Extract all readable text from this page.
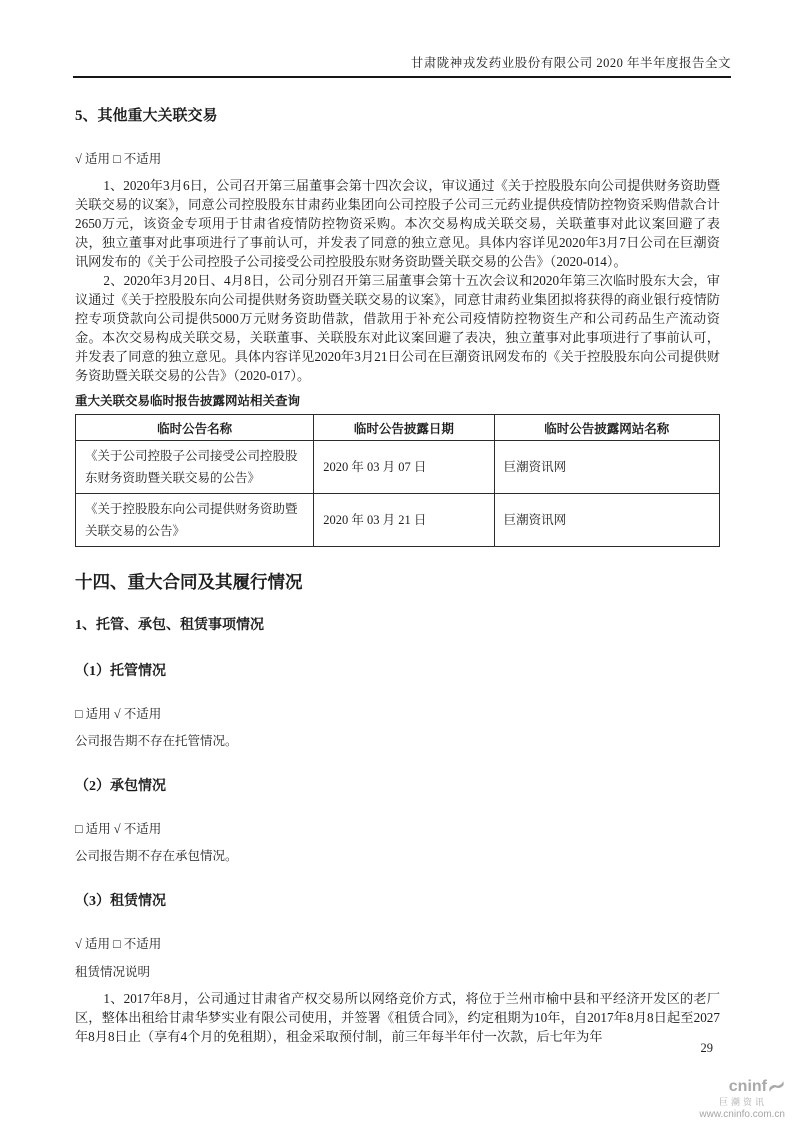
甘肃陇神戎发药业股份有限公司 2020 年半年度报告全文
5、其他重大关联交易
√ 适用 □ 不适用

1、2020年3月6日，公司召开第三届董事会第十四次会议，审议通过《关于控股股东向公司提供财务资助暨关联交易的议案》，同意公司控股股东甘肃药业集团向公司控股子公司三元药业提供疫情防控物资采购借款合计2650万元，该资金专项用于甘肃省疫情防控物资采购。本次交易构成关联交易，关联董事对此议案回避了表决，独立董事对此事项进行了事前认可，并发表了同意的独立意见。具体内容详见2020年3月7日公司在巨潮资讯网发布的《关于公司控股子公司接受公司控股股东财务资助暨关联交易的公告》（2020-014）。

2、2020年3月20日、4月8日，公司分别召开第三届董事会第十五次会议和2020年第三次临时股东大会，审议通过《关于控股股东向公司提供财务资助暨关联交易的议案》，同意甘肃药业集团拟将获得的商业银行疫情防控专项贷款向公司提供5000万元财务资助借款，借款用于补充公司疫情防控物资生产和公司药品生产流动资金。本次交易构成关联交易，关联董事、关联股东对此议案回避了表决，独立董事对此事项进行了事前认可，并发表了同意的独立意见。具体内容详见2020年3月21日公司在巨潮资讯网发布的《关于控股股东向公司提供财务资助暨关联交易的公告》（2020-017）。

重大关联交易临时报告披露网站相关查询
临时公告名称	临时公告披露日期	临时公告披露网站名称
《关于公司控股子公司接受公司控股股东财务资助暨关联交易的公告》	2020 年 03 月 07 日	巨潮资讯网
《关于控股股东向公司提供财务资助暨关联交易的公告》	2020 年 03 月 21 日	巨潮资讯网
十四、重大合同及其履行情况
1、托管、承包、租赁事项情况
（1）托管情况
□ 适用 √ 不适用
公司报告期不存在托管情况。
（2）承包情况
□ 适用 √ 不适用
公司报告期不存在承包情况。
（3）租赁情况
√ 适用 □ 不适用
租赁情况说明

1、2017年8月，公司通过甘肃省产权交易所以网络竞价方式，将位于兰州市榆中县和平经济开发区的老厂区，整体出租给甘肃华梦实业有限公司使用，并签署《租赁合同》，约定租期为10年，自2017年8月8日起至2027年8月8日止（享有4个月的免租期），租金采取预付制，前三年每半年付一次款，后七年为年

29
cninf
巨潮资讯
www.cninfo.com.cn
